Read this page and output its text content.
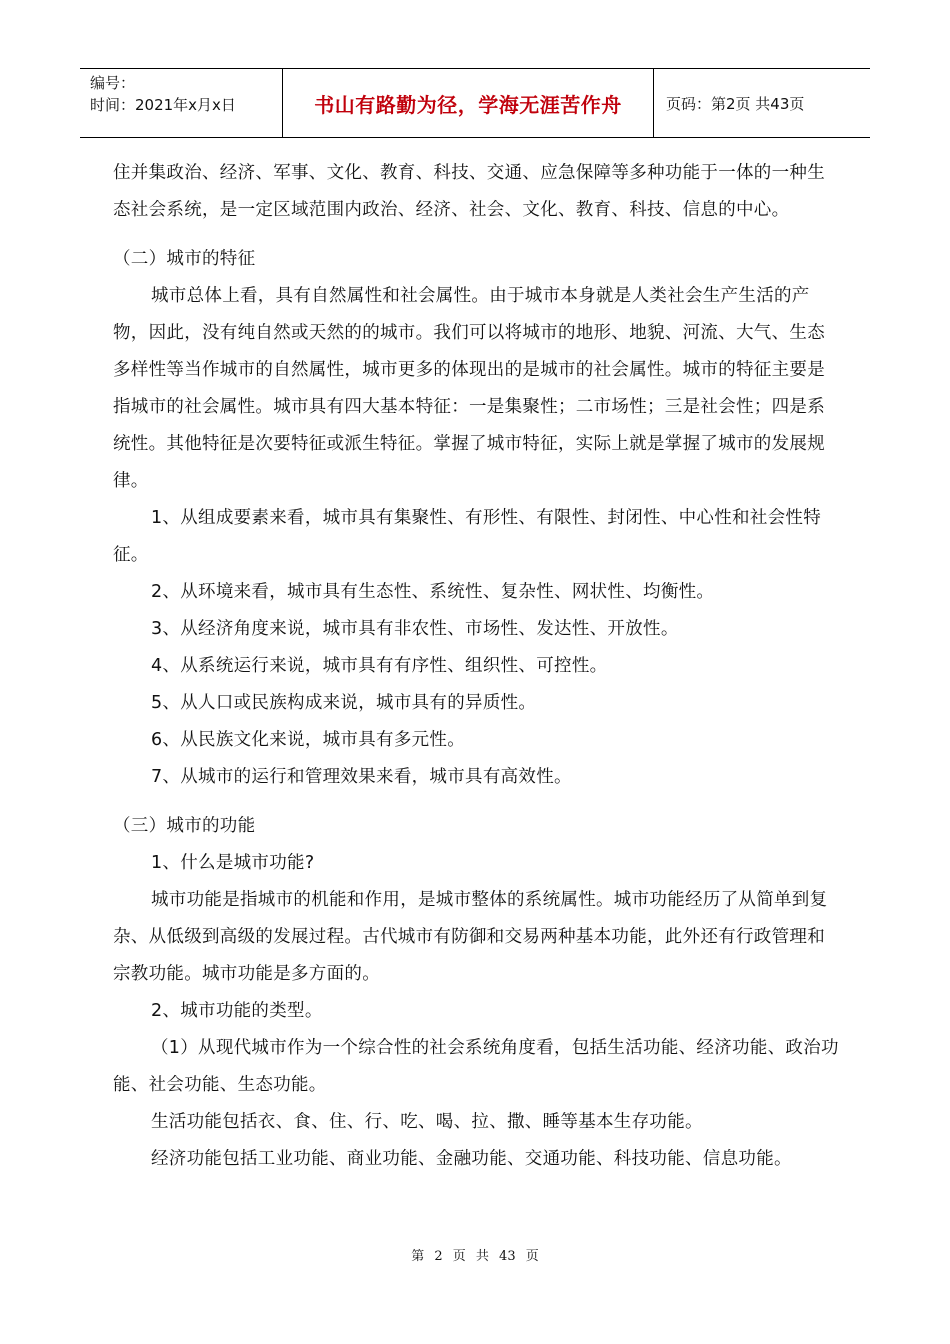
编号：
时间：2021年x月x日	书山有路勤为径，学海无涯苦作舟	页码：第2页 共43页

住并集政治、经济、军事、文化、教育、科技、交通、应急保障等多种功能于一体的一种生态社会系统，是一定区域范围内政治、经济、社会、文化、教育、科技、信息的中心。

（二）城市的特征

城市总体上看，具有自然属性和社会属性。由于城市本身就是人类社会生产生活的产物，因此，没有纯自然或天然的的城市。我们可以将城市的地形、地貌、河流、大气、生态多样性等当作城市的自然属性，城市更多的体现出的是城市的社会属性。城市的特征主要是指城市的社会属性。城市具有四大基本特征：一是集聚性；二市场性；三是社会性；四是系统性。其他特征是次要特征或派生特征。掌握了城市特征，实际上就是掌握了城市的发展规律。

1、从组成要素来看，城市具有集聚性、有形性、有限性、封闭性、中心性和社会性特征。

2、从环境来看，城市具有生态性、系统性、复杂性、网状性、均衡性。

3、从经济角度来说，城市具有非农性、市场性、发达性、开放性。

4、从系统运行来说，城市具有有序性、组织性、可控性。

5、从人口或民族构成来说，城市具有的异质性。

6、从民族文化来说，城市具有多元性。

7、从城市的运行和管理效果来看，城市具有高效性。

（三）城市的功能

1、什么是城市功能?

城市功能是指城市的机能和作用，是城市整体的系统属性。城市功能经历了从简单到复杂、从低级到高级的发展过程。古代城市有防御和交易两种基本功能，此外还有行政管理和宗教功能。城市功能是多方面的。

2、城市功能的类型。

（1）从现代城市作为一个综合性的社会系统角度看，包括生活功能、经济功能、政治功能、社会功能、生态功能。

生活功能包括衣、食、住、行、吃、喝、拉、撒、睡等基本生存功能。

经济功能包括工业功能、商业功能、金融功能、交通功能、科技功能、信息功能。

第 2 页 共 43 页
